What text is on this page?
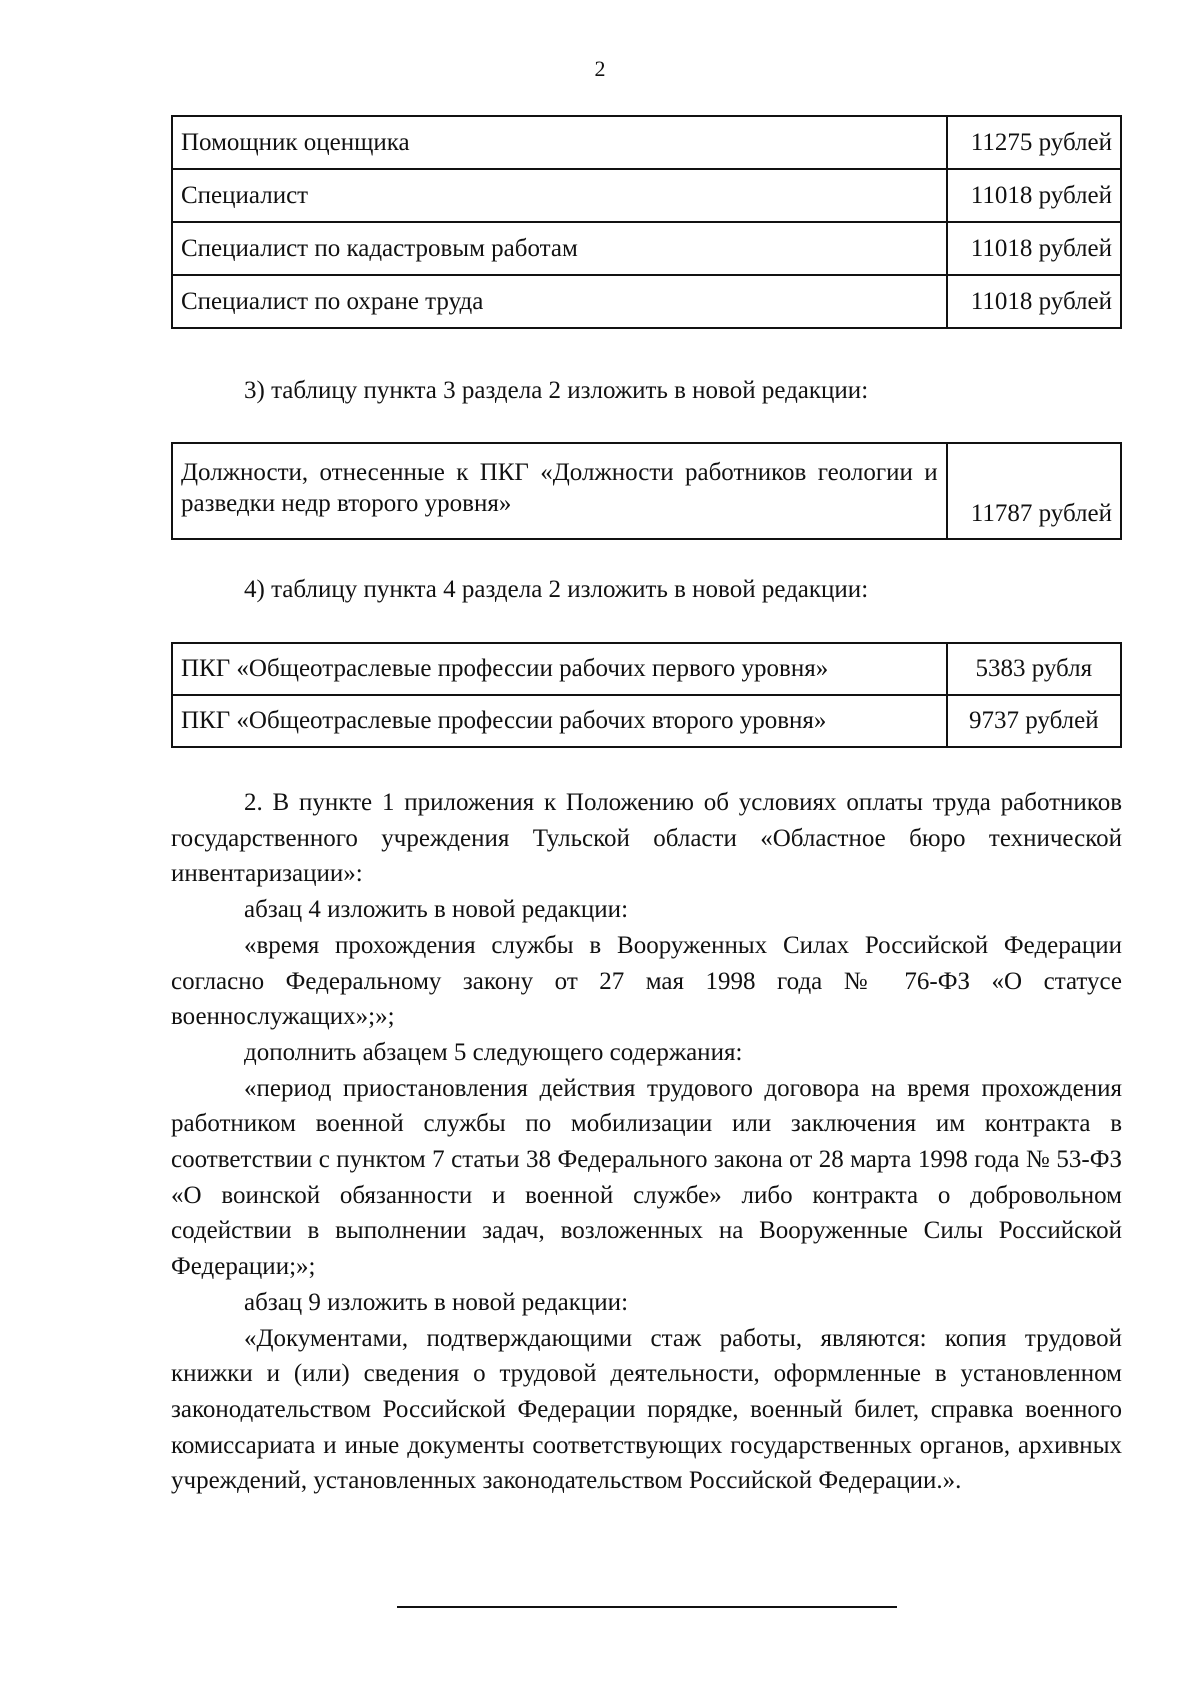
2
Помощник оценщика	11275 рублей
Специалист	11018 рублей
Специалист по кадастровым работам	11018 рублей
Специалист по охране труда	11018 рублей
3) таблицу пункта 3 раздела 2 изложить в новой редакции:
Должности, отнесенные к ПКГ «Должности работников геологии и разведки недр второго уровня»	11787 рублей
4) таблицу пункта 4 раздела 2 изложить в новой редакции:
ПКГ «Общеотраслевые профессии рабочих первого уровня»	5383 рубля
ПКГ «Общеотраслевые профессии рабочих второго уровня»	9737 рублей

2. В пункте 1 приложения к Положению об условиях оплаты труда работников государственного учреждения Тульской области «Областное бюро технической инвентаризации»:

абзац 4 изложить в новой редакции:

«время прохождения службы в Вооруженных Силах Российской Федерации согласно Федеральному закону от 27 мая 1998 года № 76-ФЗ «О статусе военнослужащих»;»;

дополнить абзацем 5 следующего содержания:

«период приостановления действия трудового договора на время прохождения работником военной службы по мобилизации или заключения им контракта в соответствии с пунктом 7 статьи 38 Федерального закона от 28 марта 1998 года № 53-ФЗ «О воинской обязанности и военной службе» либо контракта о добровольном содействии в выполнении задач, возложенных на Вооруженные Силы Российской Федерации;»;

абзац 9 изложить в новой редакции:

«Документами, подтверждающими стаж работы, являются: копия трудовой книжки и (или) сведения о трудовой деятельности, оформленные в установленном законодательством Российской Федерации порядке, военный билет, справка военного комиссариата и иные документы соответствующих государственных органов, архивных учреждений, установленных законодательством Российской Федерации.».
